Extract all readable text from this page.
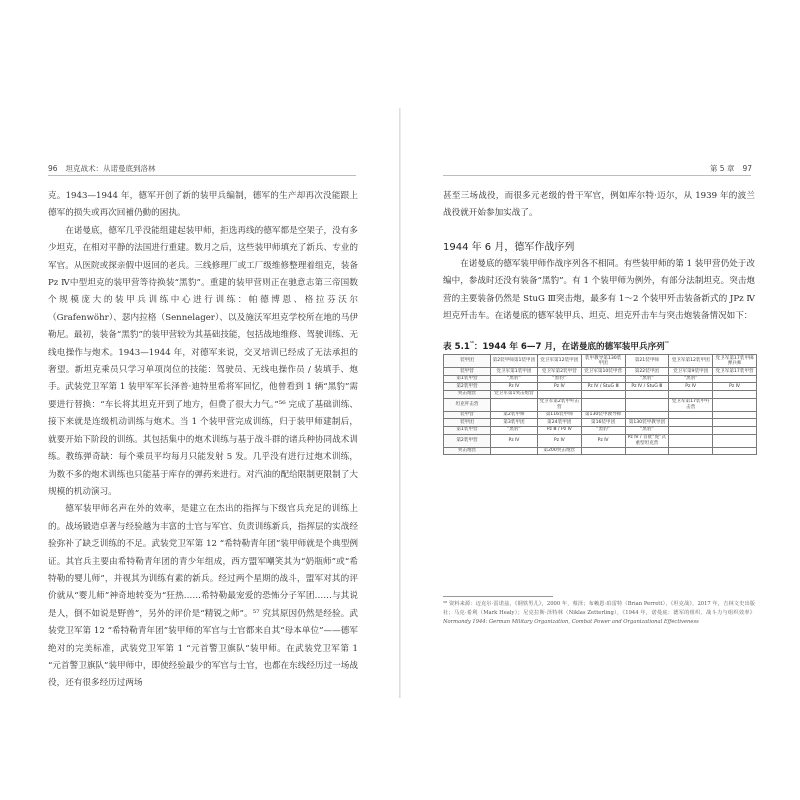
96 坦克战术：从诺曼底到洛林

克。1943—1944 年，德军开创了新的装甲兵编制，德军的生产却再次没能跟上德军的损失或再次回補仍動的困执。

在诺曼底，德军几乎没能组建起装甲师，拒选再线的德军都是空架子，没有多少坦克，在相对平静的法国进行重建。数月之后，这些装甲师填充了新兵、专业的军官。从医院或探亲假中返回的老兵。三线修理厂或工厂级维修整理着组克，装备 Pz Ⅳ中型坦克的装甲营等待换装“黑豹”。重建的装甲营则正在驰意志第三帝国数个规模庞大的装甲兵训练中心进行训练：帕德博恩、格拉芬沃尔（Grafenwöhr）、瑟内拉格（Sennelager）、以及施沃军坦克学校所在地的马伊勒尼。最初，装备“黑豹”的装甲营较为其基础技能，包括战地维修、驾驶训练、无线电操作与炮术。1943—1944 年，对德军来说，交叉培训已经成了无法承担的奢望。新坦克乘员只学习单项岗位的技能：驾驶员、无线电操作员 / 装填手、炮手。武装党卫军第 1 装甲军军长泽普·迪特里希将军回忆，他曾看到 1 辆“黑豹”需要进行替换：“车长将其坦克开到了地方，但费了很大力气。”⁵⁶ 完成了基础训练、接下来就是连级机动训练与炮术。当 1 个装甲营完成训练，归于装甲师建制后，就要开始下阶段的训练。其包括集中的炮术训练与基于战斗群的诸兵种协同战术训练。教练弹奇缺：每个乘员平均每月只能发射 5 发。几乎没有进行过炮术训练，为数不多的炮术训练也只能基于库存的弹药来进行。对汽油的配给限制更限制了大规模的机动演习。

德军装甲师名声在外的效率，是建立在杰出的指挥与下级官兵充足的训练上的。战场锻造卓著与经验越为丰富的士官与军官、负责训练新兵，指挥层的实战经验弥补了缺乏训练的不足。武装党卫军第 12 “希特勒青年团”装甲师就是个典型例证。其官兵主要由希特勒青年团的青少年组成，西方盟军嘲笑其为“奶瓶师”或“希特勒的婴儿师”，并视其为训练有素的新兵。经过两个星期的战斗，盟军对其的评价就从“婴儿师”神奇地转变为“狂热……希特勒最宠爱的恐怖分子军团……与其说是人，倒不如说是野兽”，另外的评价是“精锐之师”。⁵⁷ 究其原因仍然是经验。武装党卫军第 12 “希特勒青年团”装甲师的军官与士官都来自其“母本单位”——德军绝对的完美标准，武装党卫军第 1 “元首警卫旗队”装甲师。在武装党卫军第 1 “元首警卫旗队”装甲师中，即使经验最少的军官与士官，也都在东线经历过一场战役，还有很多经历过两场

第 5 章 97

甚至三场战役，而很多元老级的骨干军官，例如库尔特·迈尔，从 1939 年的波兰战役就开始参加实战了。

1944 年 6 月，德军作战序列

在诺曼底的德军装甲师作战序列各不相同。有些装甲师的第 1 装甲营仍处于改编中，参战时还没有装备“黑豹”。有 1 个装甲师为例外，有部分法制坦克。突击炮营的主要装备仍然是 StuG Ⅲ突击炮，最多有 1～2 个装甲歼击装备新式的 JPz Ⅳ坦克歼击车。在诺曼底的德军装甲兵、坦克、坦克歼击车与突击炮装备情况如下：

表 $5.1^{^{58}}$：1944 年 6—7 月，在诺曼底的德军装甲兵序列$^{^{40}}$
装甲团	第2装甲师第1装甲团	党卫军第12装甲团	装甲教导第130装甲团	第21装甲师	党卫军第12装甲团	党卫军第17装甲掷弹兵师
装甲营	党卫军第1装甲团	党卫军第2装甲营	党卫军第10装甲营	第22装甲团	党卫军第9装甲团	党卫军第17装甲营
第1装甲营	“黑豹”	“黑豹”		“黑豹”	“黑豹”	
第2装甲营	Pz Ⅳ	Pz Ⅳ	Pz Ⅳ / StuG Ⅲ	Pz Ⅳ / StuG Ⅲ	Pz Ⅳ	Pz Ⅳ
突击炮营	党卫军第1突击炮营					
坦克歼击营		党卫军第2装甲歼击营			党卫军第17装甲歼击营	
装甲营	第2装甲师	第116装甲师	第130装甲教导师			
装甲团	第3装甲团	第24装甲团	第16装甲团	第130装甲教导团		
第1装甲营	“黑豹”	Pz Ⅲ / Pz Ⅳ	“黑豹”	“黑豹”		
第2装甲营	Pz Ⅳ	Pz Ⅳ	Pz Ⅳ	Pz Ⅳ / 首批“虎”式重型坦克营		
突击炮营		第200突击炮营				
⁵⁸ 资料来源：迈克尔·雷诺兹，《钢铁男儿》，2000 年，蔡泽；布赖恩·珀雷特（Brian Perrett），《坦克战》，2017 年，吉林文史出版社；马克·希利（Mark Healy）；尼克拉斯·泽特林（Niklas Zetterling），《1944 年，诺曼底：德军的组织、战斗力与组织效率》 Normandy 1944: German Military Organization, Combat Power and Organizational Effectiveness
